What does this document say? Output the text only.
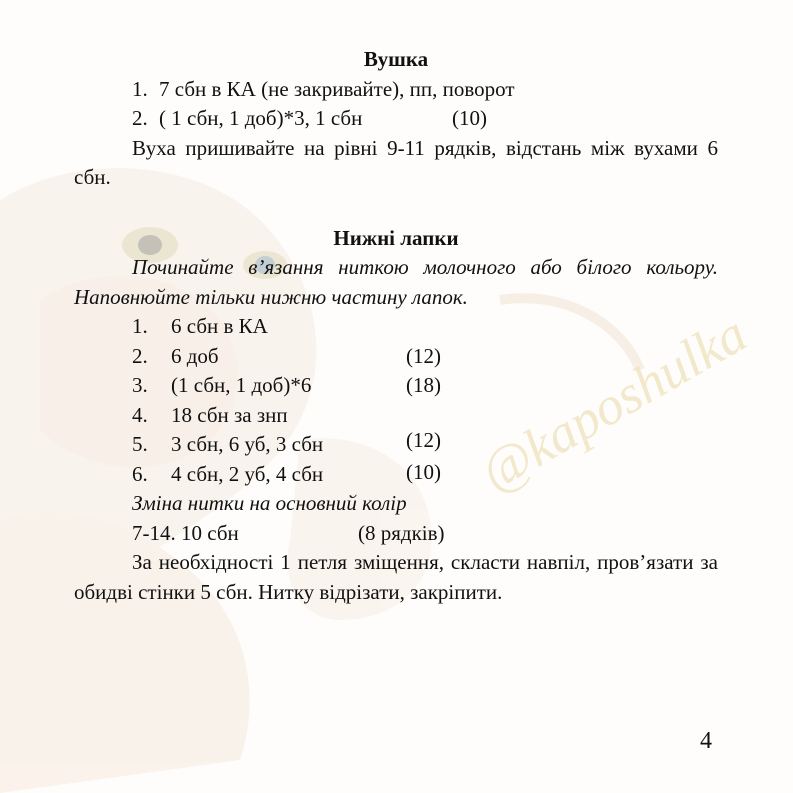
@kaposhulka
Вушка
1. 7 сбн в КА (не закривайте), пп, поворот
2. ( 1 сбн, 1 доб)*3, 1 сбн	(10)
Вуха пришивайте на рівні 9-11 рядків, відстань між вухами 6 сбн.
Нижні лапки
Починайте в’язання ниткою молочного або білого кольору. Наповнюйте тільки нижню частину лапок.
1. 6 сбн в КА
2. 6 доб	(12)
3. (1 сбн, 1 доб)*6	(18)
4. 18 сбн за знп
5. 3 сбн, 6 уб, 3 сбн	(12)
6. 4 сбн, 2 уб, 4 сбн	(10)
Зміна нитки на основний колір
7-14. 10 сбн	(8 рядків)
За необхідності 1 петля зміщення, скласти навпіл, пров’язати за обидві стінки 5 сбн. Нитку відрізати, закріпити.
4
